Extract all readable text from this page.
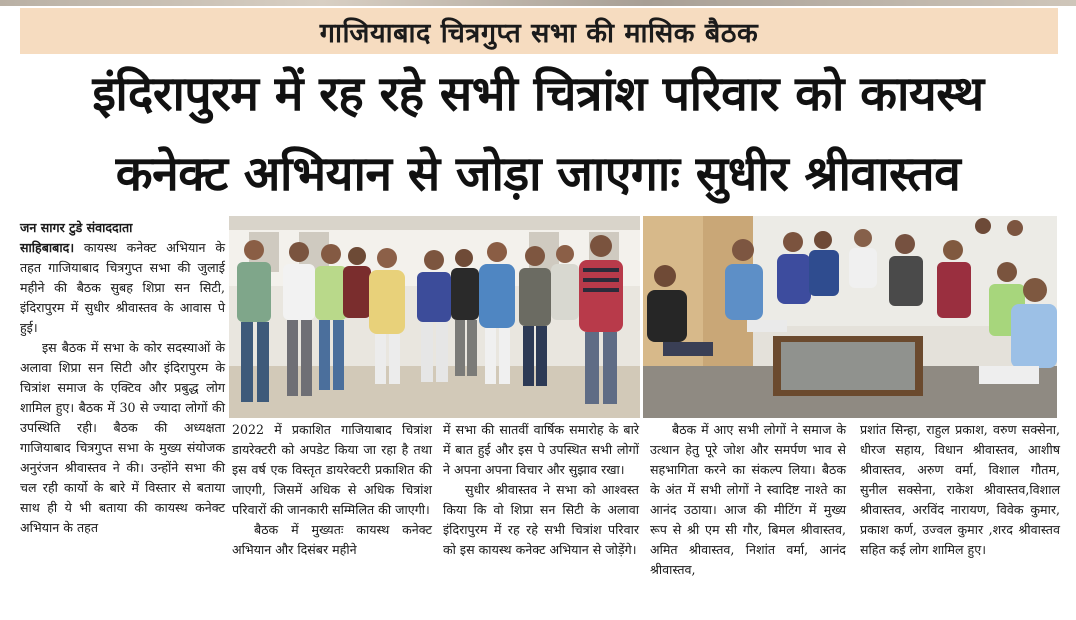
गाजियाबाद चित्रगुप्त सभा की मासिक बैठक
इंदिरापुरम में रह रहे सभी चित्रांश परिवार को कायस्थ
कनेक्ट अभियान से जोड़ा जाएगाः सुधीर श्रीवास्तव

जन सागर टुडे संवाददाता

साहिबाबाद। कायस्थ कनेक्ट अभियान के तहत गाजियाबाद चित्रगुप्त सभा की जुलाई महीने की बैठक सुबह शिप्रा सन सिटी, इंदिरापुरम में सुधीर श्रीवास्तव के आवास पे हुई।

इस बैठक में सभा के कोर सदस्याओं के अलावा शिप्रा सन सिटी और इंदिरापुरम के चित्रांश समाज के एक्टिव और प्रबुद्ध लोग शामिल हुए। बैठक में 30 से ज्यादा लोगों की उपस्थिति रही। बैठक की अध्यक्षता गाजियाबाद चित्रगुप्त सभा के मुख्य संयोजक अनुरंजन श्रीवास्तव ने की। उन्होंने सभा की चल रही कार्यो के बारे में विस्तार से बताया साथ ही ये भी बताया की कायस्थ कनेक्ट अभियान के तहत

2022 में प्रकाशित गाजियाबाद चित्रांश डायरेक्टरी को अपडेट किया जा रहा है तथा इस वर्ष एक विस्तृत डायरेक्टरी प्रकाशित की जाएगी, जिसमें अधिक से अधिक चित्रांश परिवारों की जानकारी सम्मिलित की जाएगी।

बैठक में मुख्यतः कायस्थ कनेक्ट अभियान और दिसंबर महीने

में सभा की सातवीं वार्षिक समारोह के बारे में बात हुई और इस पे उपस्थित सभी लोगों ने अपना अपना विचार और सुझाव रखा।

सुधीर श्रीवास्तव ने सभा को आश्वस्त किया कि वो शिप्रा सन सिटी के अलावा इंदिरापुरम में रह रहे सभी चित्रांश परिवार को इस कायस्थ कनेक्ट अभियान से जोड़ेंगे।

बैठक में आए सभी लोगों ने समाज के उत्थान हेतु पूरे जोश और समर्पण भाव से सहभागिता करने का संकल्प लिया। बैठक के अंत में सभी लोगों ने स्वादिष्ट नाश्ते का आनंद उठाया। आज की मीटिंग में मुख्य रूप से श्री एम सी गौर, बिमल श्रीवास्तव, अमित श्रीवास्तव, निशांत वर्मा, आनंद श्रीवास्तव,

प्रशांत सिन्हा, राहुल प्रकाश, वरुण सक्सेना, धीरज सहाय, विधान श्रीवास्तव, आशीष श्रीवास्तव, अरुण वर्मा, विशाल गौतम, सुनील सक्सेना, राकेश श्रीवास्तव,विशाल श्रीवास्तव, अरविंद नारायण, विवेक कुमार, प्रकाश कर्ण, उज्वल कुमार ,शरद श्रीवास्तव सहित कई लोग शामिल हुए।
